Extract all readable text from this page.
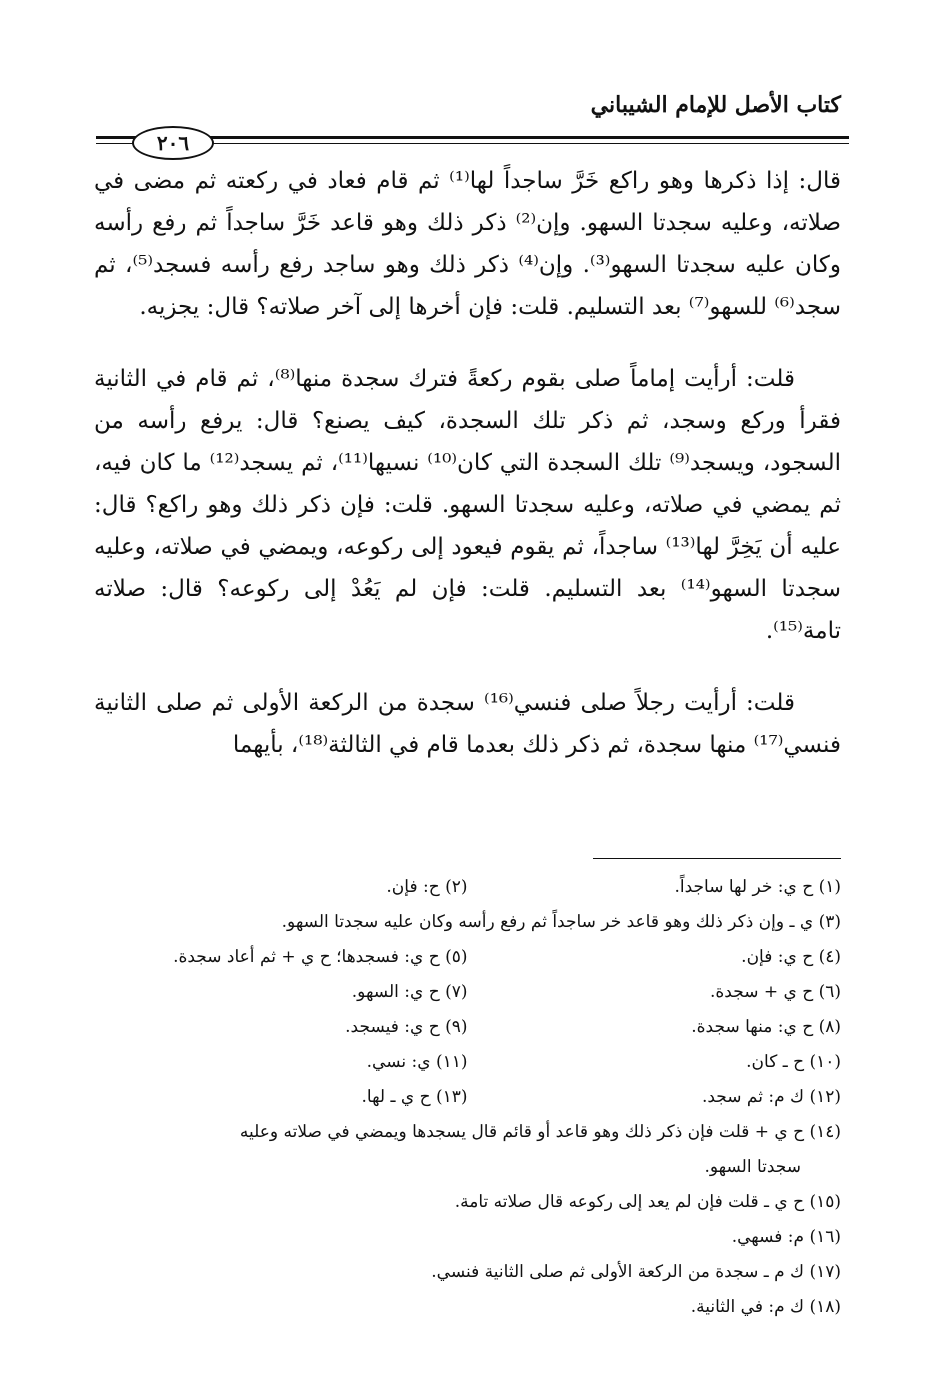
كتاب الأصل للإمام الشيباني
٢٠٦

قال: إذا ذكرها وهو راكع خَرَّ ساجداً لها⁽¹⁾ ثم قام فعاد في ركعته ثم مضى في صلاته، وعليه سجدتا السهو. وإن⁽²⁾ ذكر ذلك وهو قاعد خَرَّ ساجداً ثم رفع رأسه وكان عليه سجدتا السهو⁽³⁾. وإن⁽⁴⁾ ذكر ذلك وهو ساجد رفع رأسه فسجد⁽⁵⁾، ثم سجد⁽⁶⁾ للسهو⁽⁷⁾ بعد التسليم. قلت: فإن أخرها إلى آخر صلاته؟ قال: يجزيه.

قلت: أرأيت إماماً صلى بقوم ركعةً فترك سجدة منها⁽⁸⁾، ثم قام في الثانية فقرأ وركع وسجد، ثم ذكر تلك السجدة، كيف يصنع؟ قال: يرفع رأسه من السجود، ويسجد⁽⁹⁾ تلك السجدة التي كان⁽¹⁰⁾ نسيها⁽¹¹⁾، ثم يسجد⁽¹²⁾ ما كان فيه، ثم يمضي في صلاته، وعليه سجدتا السهو. قلت: فإن ذكر ذلك وهو راكع؟ قال: عليه أن يَخِرَّ لها⁽¹³⁾ ساجداً، ثم يقوم فيعود إلى ركوعه، ويمضي في صلاته، وعليه سجدتا السهو⁽¹⁴⁾ بعد التسليم. قلت: فإن لم يَعُدْ إلى ركوعه؟ قال: صلاته تامة⁽¹⁵⁾.

قلت: أرأيت رجلاً صلى فنسي⁽¹⁶⁾ سجدة من الركعة الأولى ثم صلى الثانية فنسي⁽¹⁷⁾ منها سجدة، ثم ذكر ذلك بعدما قام في الثالثة⁽¹⁸⁾، بأيهما

(١) ح ي: خر لها ساجداً.
(٢) ح: فإن.
(٣) ي ـ وإن ذكر ذلك وهو قاعد خر ساجداً ثم رفع رأسه وكان عليه سجدتا السهو.
(٤) ح ي: فإن.
(٥) ح ي: فسجدها؛ ح ي + ثم أعاد سجدة.
(٦) ح ي + سجدة.
(٧) ح ي: السهو.
(٨) ح ي: منها سجدة.
(٩) ح ي: فيسجد.
(١٠) ح ـ كان.
(١١) ي: نسي.
(١٢) ك م: ثم سجد.
(١٣) ح ي ـ لها.
(١٤) ح ي + قلت فإن ذكر ذلك وهو قاعد أو قائم قال يسجدها ويمضي في صلاته وعليه
سجدتا السهو.
(١٥) ح ي ـ قلت فإن لم يعد إلى ركوعه قال صلاته تامة.
(١٦) م: فسهي.
(١٧) ك م ـ سجدة من الركعة الأولى ثم صلى الثانية فنسي.
(١٨) ك م: في الثانية.
